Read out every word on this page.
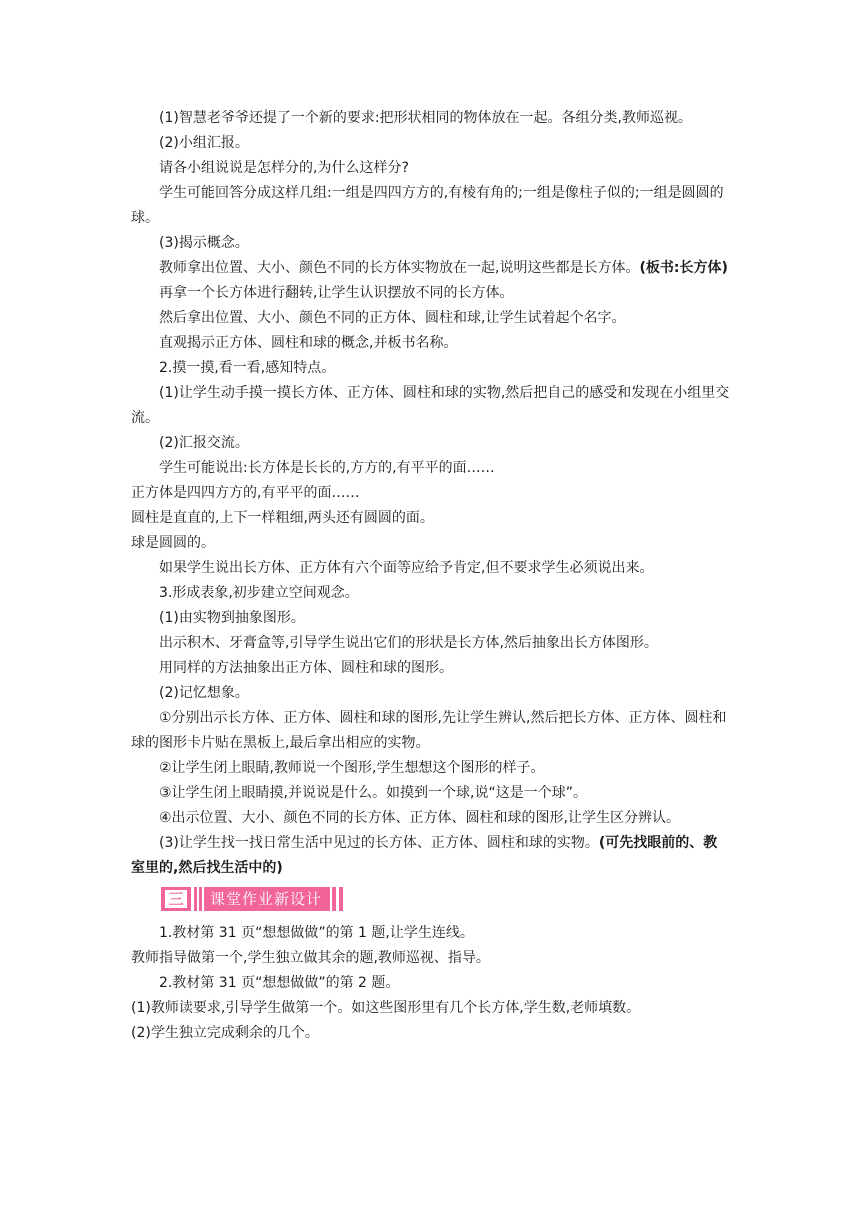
(1)智慧老爷爷还提了一个新的要求:把形状相同的物体放在一起。各组分类,教师巡视。

(2)小组汇报。

请各小组说说是怎样分的,为什么这样分?

学生可能回答分成这样几组:一组是四四方方的,有棱有角的;一组是像柱子似的;一组是圆圆的球。

(3)揭示概念。

教师拿出位置、大小、颜色不同的长方体实物放在一起,说明这些都是长方体。(板书:长方体)

再拿一个长方体进行翻转,让学生认识摆放不同的长方体。

然后拿出位置、大小、颜色不同的正方体、圆柱和球,让学生试着起个名字。

直观揭示正方体、圆柱和球的概念,并板书名称。

2.摸一摸,看一看,感知特点。

(1)让学生动手摸一摸长方体、正方体、圆柱和球的实物,然后把自己的感受和发现在小组里交流。

(2)汇报交流。

学生可能说出:长方体是长长的,方方的,有平平的面……

正方体是四四方方的,有平平的面……

圆柱是直直的,上下一样粗细,两头还有圆圆的面。

球是圆圆的。

如果学生说出长方体、正方体有六个面等应给予肯定,但不要求学生必须说出来。

3.形成表象,初步建立空间观念。

(1)由实物到抽象图形。

出示积木、牙膏盒等,引导学生说出它们的形状是长方体,然后抽象出长方体图形。

用同样的方法抽象出正方体、圆柱和球的图形。

(2)记忆想象。

①分别出示长方体、正方体、圆柱和球的图形,先让学生辨认,然后把长方体、正方体、圆柱和球的图形卡片贴在黑板上,最后拿出相应的实物。

②让学生闭上眼睛,教师说一个图形,学生想想这个图形的样子。

③让学生闭上眼睛摸,并说说是什么。如摸到一个球,说“这是一个球”。

④出示位置、大小、颜色不同的长方体、正方体、圆柱和球的图形,让学生区分辨认。

(3)让学生找一找日常生活中见过的长方体、正方体、圆柱和球的实物。(可先找眼前的、教室里的,然后找生活中的)

三	课堂作业新设计

1.教材第 31 页“想想做做”的第 1 题,让学生连线。

教师指导做第一个,学生独立做其余的题,教师巡视、指导。

2.教材第 31 页“想想做做”的第 2 题。

(1)教师读要求,引导学生做第一个。如这些图形里有几个长方体,学生数,老师填数。

(2)学生独立完成剩余的几个。
